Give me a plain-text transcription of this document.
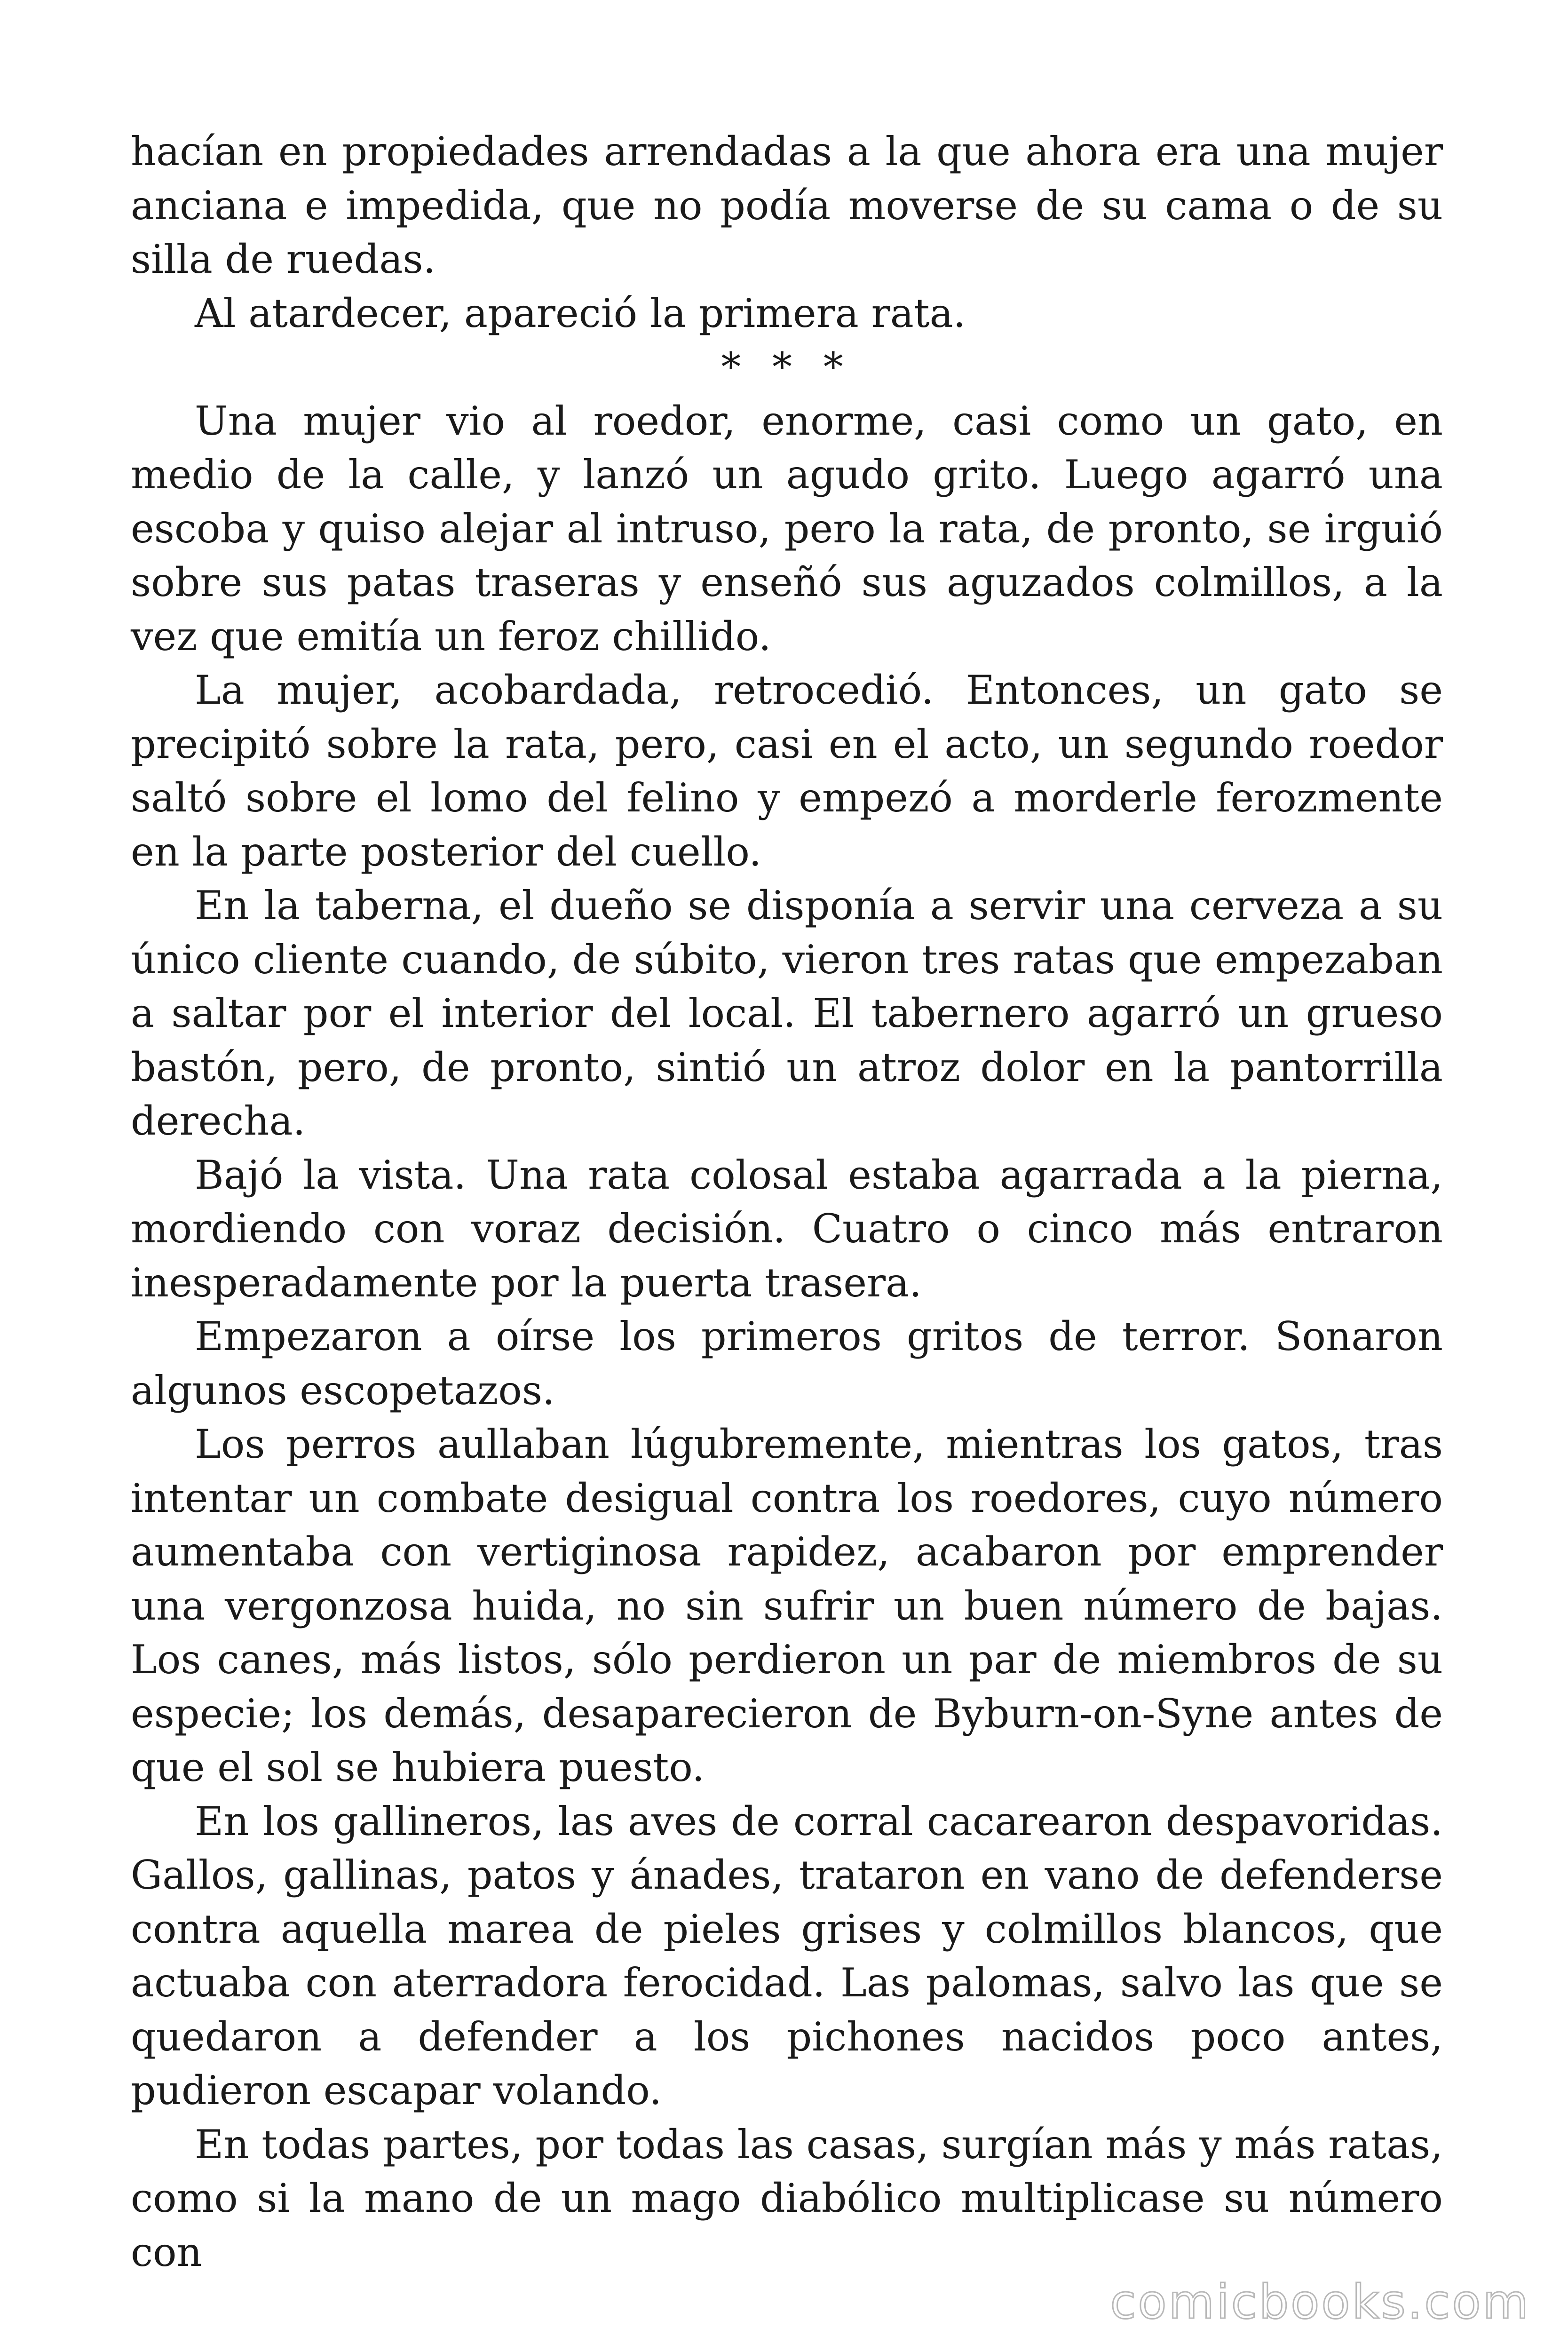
hacían en propiedades arrendadas a la que ahora era una mujer anciana e impedida, que no podía moverse de su cama o de su silla de ruedas.

Al atardecer, apareció la primera rata.

* * *

Una mujer vio al roedor, enorme, casi como un gato, en medio de la calle, y lanzó un agudo grito. Luego agarró una escoba y quiso alejar al intruso, pero la rata, de pronto, se irguió sobre sus patas traseras y enseñó sus aguzados colmillos, a la vez que emitía un feroz chillido.

La mujer, acobardada, retrocedió. Entonces, un gato se precipitó sobre la rata, pero, casi en el acto, un segundo roedor saltó sobre el lomo del felino y empezó a morderle ferozmente en la parte posterior del cuello.

En la taberna, el dueño se disponía a servir una cerveza a su único cliente cuando, de súbito, vieron tres ratas que empezaban a saltar por el interior del local. El tabernero agarró un grueso bastón, pero, de pronto, sintió un atroz dolor en la pantorrilla derecha.

Bajó la vista. Una rata colosal estaba agarrada a la pierna, mordiendo con voraz decisión. Cuatro o cinco más entraron inesperadamente por la puerta trasera.

Empezaron a oírse los primeros gritos de terror. Sonaron algunos escopetazos.

Los perros aullaban lúgubremente, mientras los gatos, tras intentar un combate desigual contra los roedores, cuyo número aumentaba con vertiginosa rapidez, acabaron por emprender una vergonzosa huida, no sin sufrir un buen número de bajas. Los canes, más listos, sólo perdieron un par de miembros de su especie; los demás, desaparecieron de Byburn-on-Syne antes de que el sol se hubiera puesto.

En los gallineros, las aves de corral cacarearon despavoridas. Gallos, gallinas, patos y ánades, trataron en vano de defenderse contra aquella marea de pieles grises y colmillos blancos, que actuaba con aterradora ferocidad. Las palomas, salvo las que se quedaron a defender a los pichones nacidos poco antes, pudieron escapar volando.

En todas partes, por todas las casas, surgían más y más ratas, como si la mano de un mago diabólico multiplicase su número con

comicbooks.com
